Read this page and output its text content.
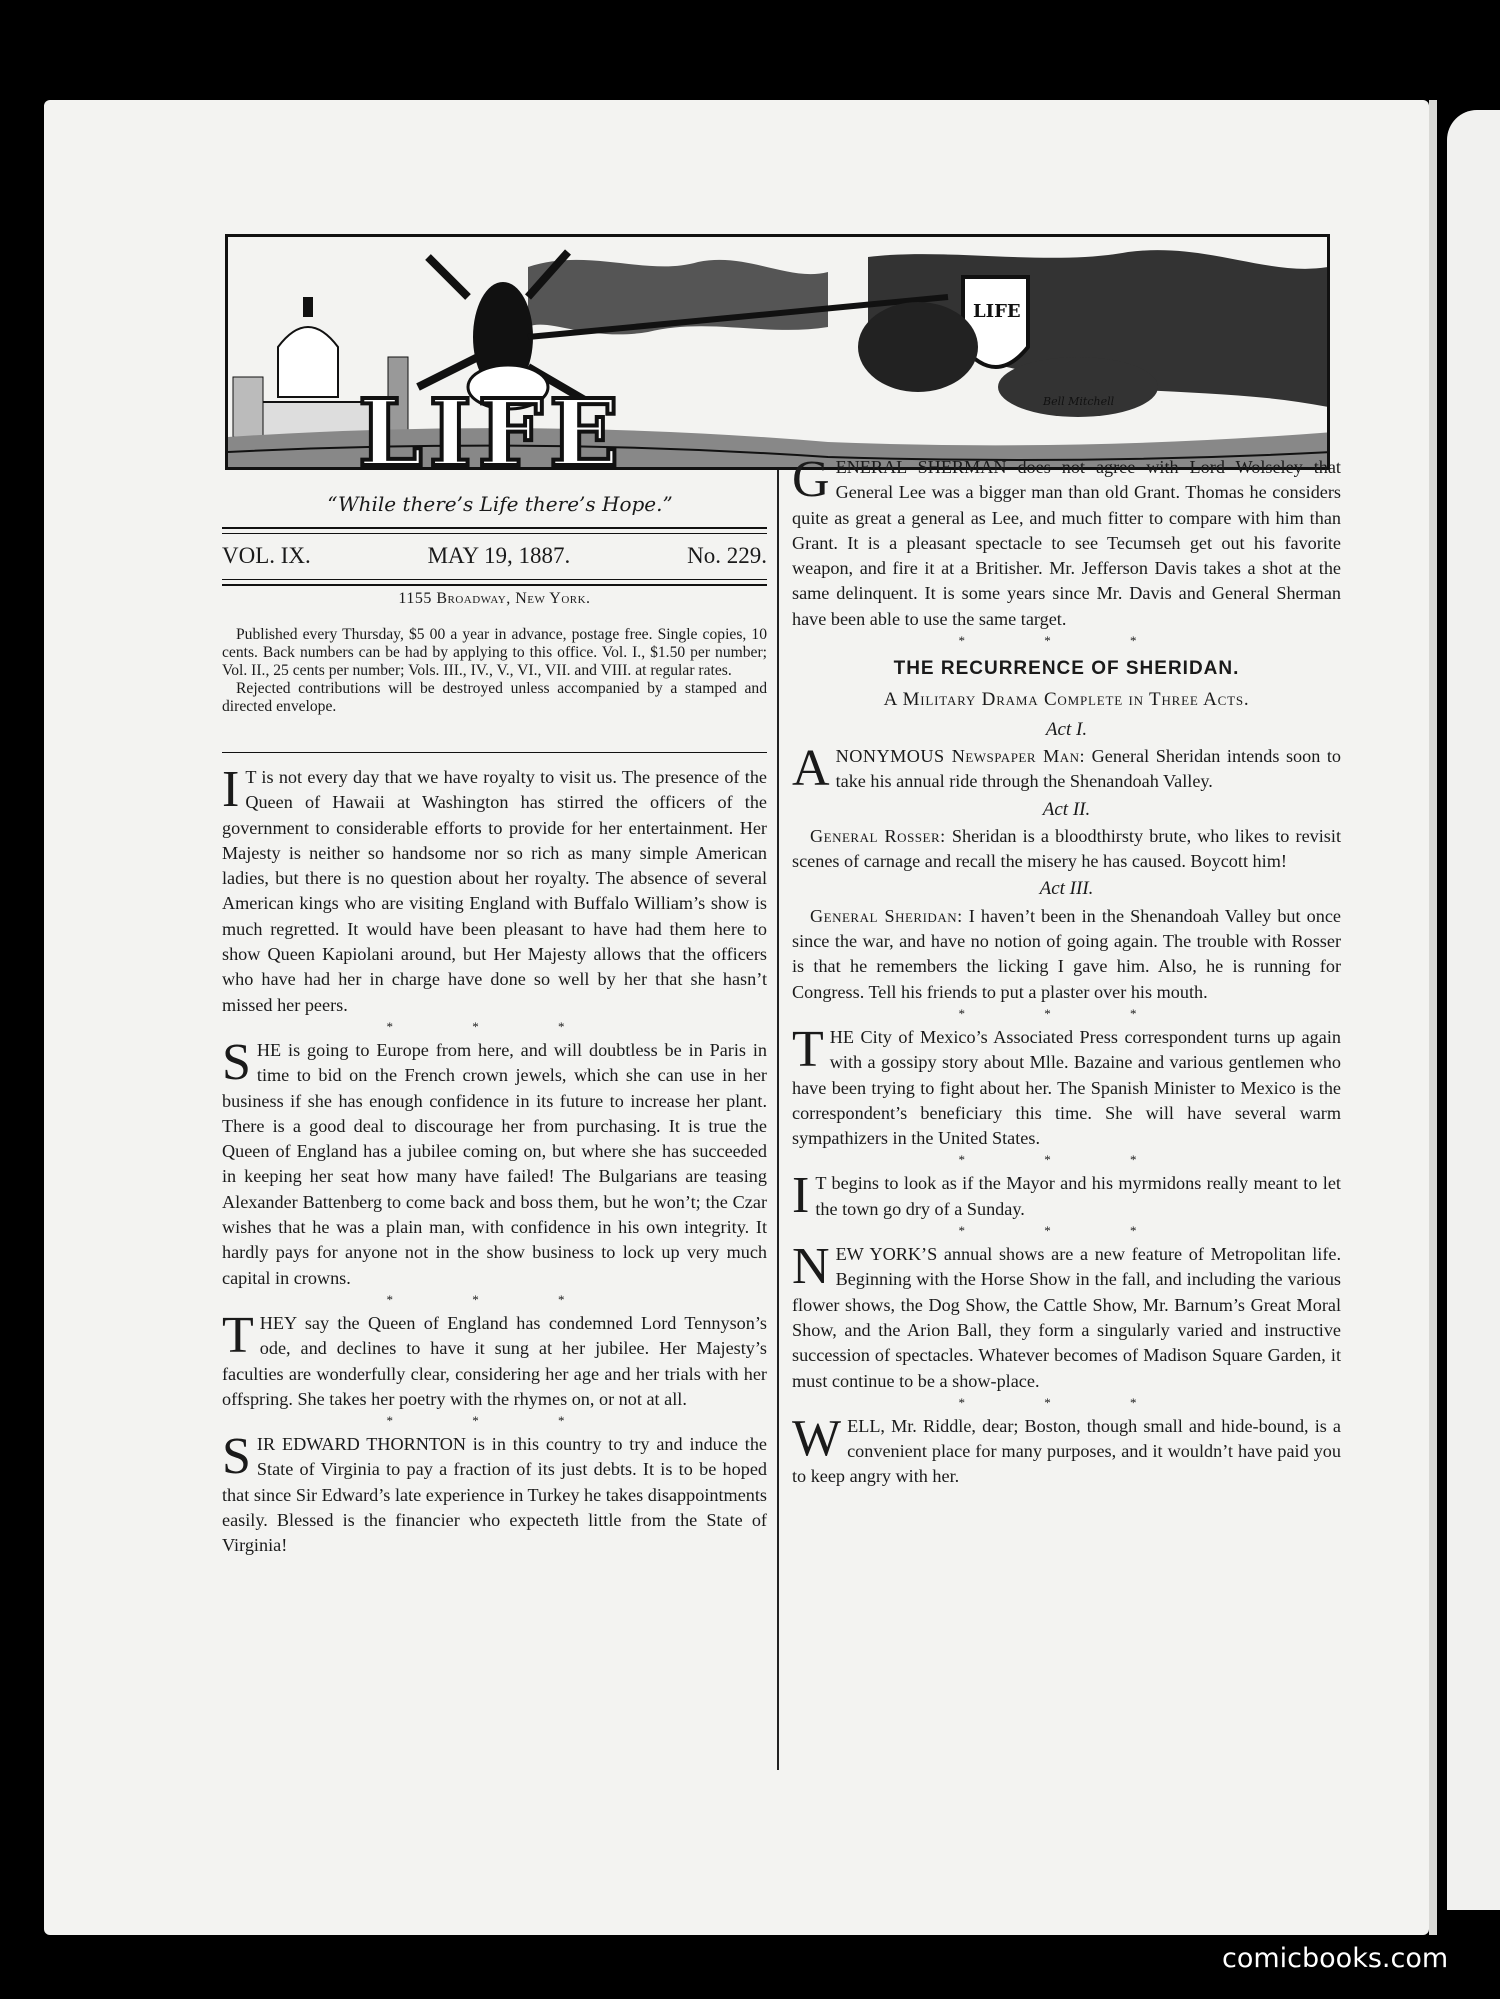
LIFE
LIFE	Bell Mitchell
“While there’s Life there’s Hope.”
VOL. IX.	MAY 19, 1887.	No. 229.
1155 Broadway, New York.

Published every Thursday, $5 00 a year in advance, postage free. Single copies, 10 cents. Back numbers can be had by applying to this office. Vol. I., $1.50 per number; Vol. II., 25 cents per number; Vols. III., IV., V., VI., VII. and VIII. at regular rates.

Rejected contributions will be destroyed unless accompanied by a stamped and directed envelope.

I T is not every day that we have royalty to visit us. The presence of the Queen of Hawaii at Washington has stirred the officers of the government to considerable efforts to provide for her entertainment. Her Majesty is neither so handsome nor so rich as many simple American ladies, but there is no question about her royalty. The absence of several American kings who are visiting England with Buffalo William’s show is much regretted. It would have been pleasant to have had them here to show Queen Kapiolani around, but Her Majesty allows that the officers who have had her in charge have done so well by her that she hasn’t missed her peers.

* * *

SHE is going to Europe from here, and will doubtless be in Paris in time to bid on the French crown jewels, which she can use in her business if she has enough confidence in its future to increase her plant. There is a good deal to discourage her from purchasing. It is true the Queen of England has a jubilee coming on, but where she has succeeded in keeping her seat how many have failed! The Bulgarians are teasing Alexander Battenberg to come back and boss them, but he won’t; the Czar wishes that he was a plain man, with confidence in his own integrity. It hardly pays for anyone not in the show business to lock up very much capital in crowns.

* * *

THEY say the Queen of England has condemned Lord Tennyson’s ode, and declines to have it sung at her jubilee. Her Majesty’s faculties are wonderfully clear, considering her age and her trials with her offspring. She takes her poetry with the rhymes on, or not at all.

* * *

SIR EDWARD THORNTON is in this country to try and induce the State of Virginia to pay a fraction of its just debts. It is to be hoped that since Sir Edward’s late experience in Turkey he takes disappointments easily. Blessed is the financier who expecteth little from the State of Virginia!

GENERAL SHERMAN does not agree with Lord Wolseley that General Lee was a bigger man than old Grant. Thomas he considers quite as great a general as Lee, and much fitter to compare with him than Grant. It is a pleasant spectacle to see Tecumseh get out his favorite weapon, and fire it at a Britisher. Mr. Jefferson Davis takes a shot at the same delinquent. It is some years since Mr. Davis and General Sherman have been able to use the same target.

* * *
THE RECURRENCE OF SHERIDAN.
A Military Drama Complete in Three Acts.
Act I.

ANONYMOUS Newspaper Man: General Sheridan intends soon to take his annual ride through the Shenandoah Valley.

Act II.

General Rosser: Sheridan is a bloodthirsty brute, who likes to revisit scenes of carnage and recall the misery he has caused. Boycott him!

Act III.

General Sheridan: I haven’t been in the Shenandoah Valley but once since the war, and have no notion of going again. The trouble with Rosser is that he remembers the licking I gave him. Also, he is running for Congress. Tell his friends to put a plaster over his mouth.

* * *

THE City of Mexico’s Associated Press correspondent turns up again with a gossipy story about Mlle. Bazaine and various gentlemen who have been trying to fight about her. The Spanish Minister to Mexico is the correspondent’s beneficiary this time. She will have several warm sympathizers in the United States.

* * *

I T begins to look as if the Mayor and his myrmidons really meant to let the town go dry of a Sunday.

* * *

NEW YORK’S annual shows are a new feature of Metropolitan life. Beginning with the Horse Show in the fall, and including the various flower shows, the Dog Show, the Cattle Show, Mr. Barnum’s Great Moral Show, and the Arion Ball, they form a singularly varied and instructive succession of spectacles. Whatever becomes of Madison Square Garden, it must continue to be a show-place.

* * *

WELL, Mr. Riddle, dear; Boston, though small and hide-bound, is a convenient place for many purposes, and it wouldn’t have paid you to keep angry with her.

comicbooks.com
